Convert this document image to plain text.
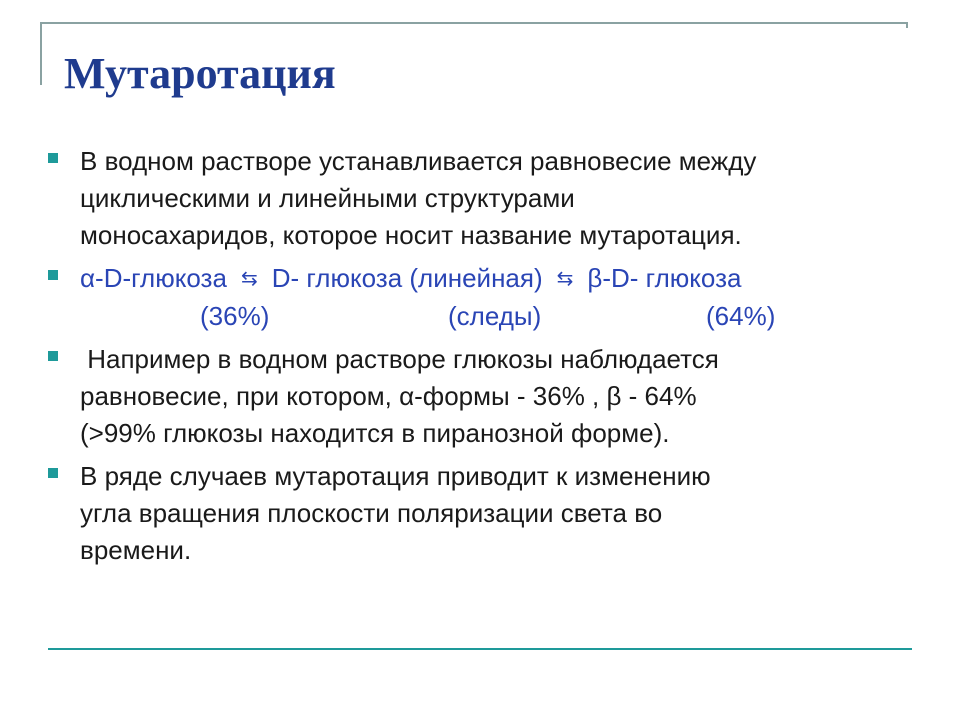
Мутаротация
В водном растворе устанавливается равновесие между
циклическими и линейными структурами
моносахаридов, которое носит название мутаротация.
α-D-глюкоза ⇆ D- глюкоза (линейная) ⇆ β-D- глюкоза
(36%)	(следы)	(64%)
Например в водном растворе глюкозы наблюдается
равновесие, при котором, α-формы - 36% , β - 64%
(>99% глюкозы находится в пиранозной форме).
В ряде случаев мутаротация приводит к изменению
угла вращения плоскости поляризации света во
времени.
